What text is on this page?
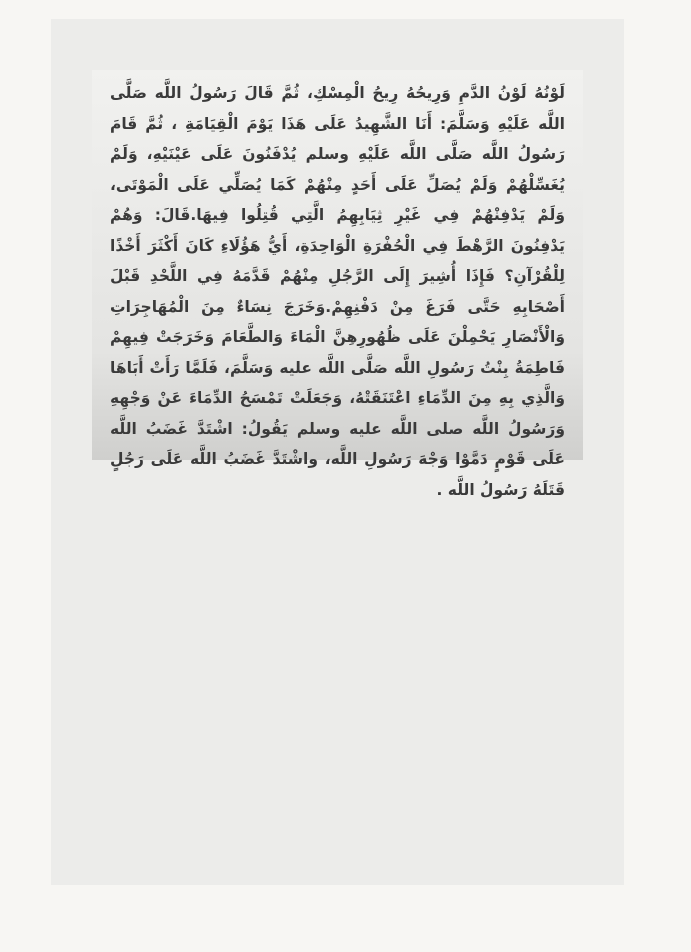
لَوْنُهُ لَوْنُ الدَّمِ وَرِيحُهُ رِيحُ الْمِسْكِ، ثُمَّ قَالَ رَسُولُ اللَّه صَلَّى اللَّه عَلَيْهِ وَسَلَّمَ: أَنَا الشَّهِيدُ عَلَى هَذَا يَوْمَ الْقِيَامَةِ ، ثُمَّ قَامَ رَسُولُ اللَّه صَلَّى اللَّه عَلَيْهِ وسلم يُدْفَنُونَ عَلَى عَيْنَيْهِ، وَلَمْ يُغَسِّلْهُمْ وَلَمْ يُصَلِّ عَلَى أَحَدٍ مِنْهُمْ كَمَا يُصَلِّي عَلَى الْمَوْتَى، وَلَمْ يَدْفِنْهُمْ فِي غَيْرِ ثِيَابِهِمُ الَّتِي قُتِلُوا فِيهَا.قَالَ: وَهُمْ يَدْفِنُونَ الرَّهْطَ فِي الْحُفْرَةِ الْوَاحِدَةِ، أَيُّ هَؤُلَاءِ كَانَ أَكْثَرَ أَخْذًا لِلْقُرْآنِ؟ فَإِذَا أُشِيرَ إِلَى الرَّجُلِ مِنْهُمْ قَدَّمَهُ فِي اللَّحْدِ قَبْلَ أَصْحَابِهِ حَتَّى فَرَغَ مِنْ دَفْنِهِمْ.وَخَرَجَ نِسَاءٌ مِنَ الْمُهَاجِرَاتِ وَالْأَنْصَارِ يَحْمِلْنَ عَلَى ظُهُورِهِنَّ الْمَاءَ وَالطَّعَامَ وَخَرَجَتْ فِيهِمْ فَاطِمَةُ بِنْتُ رَسُولِ اللَّه صَلَّى اللَّه عليه وَسَلَّمَ، فَلَمَّا رَأَتْ أَبَاهَا وَالَّذِي بِهِ مِنَ الدِّمَاءِ اعْتَنَقَتْهُ، وَجَعَلَتْ تَمْسَحُ الدِّمَاءَ عَنْ وَجْهِهِ وَرَسُولُ اللَّه صلى اللَّه عليه وسلم يَقُولُ: اشْتَدَّ غَضَبُ اللَّه عَلَى قَوْمٍ دَمَّوْا وَجْهَ رَسُولِ اللَّه، واشْتَدَّ غَضَبُ اللَّه عَلَى رَجُلٍ قَتَلَهُ رَسُولُ اللَّه .
